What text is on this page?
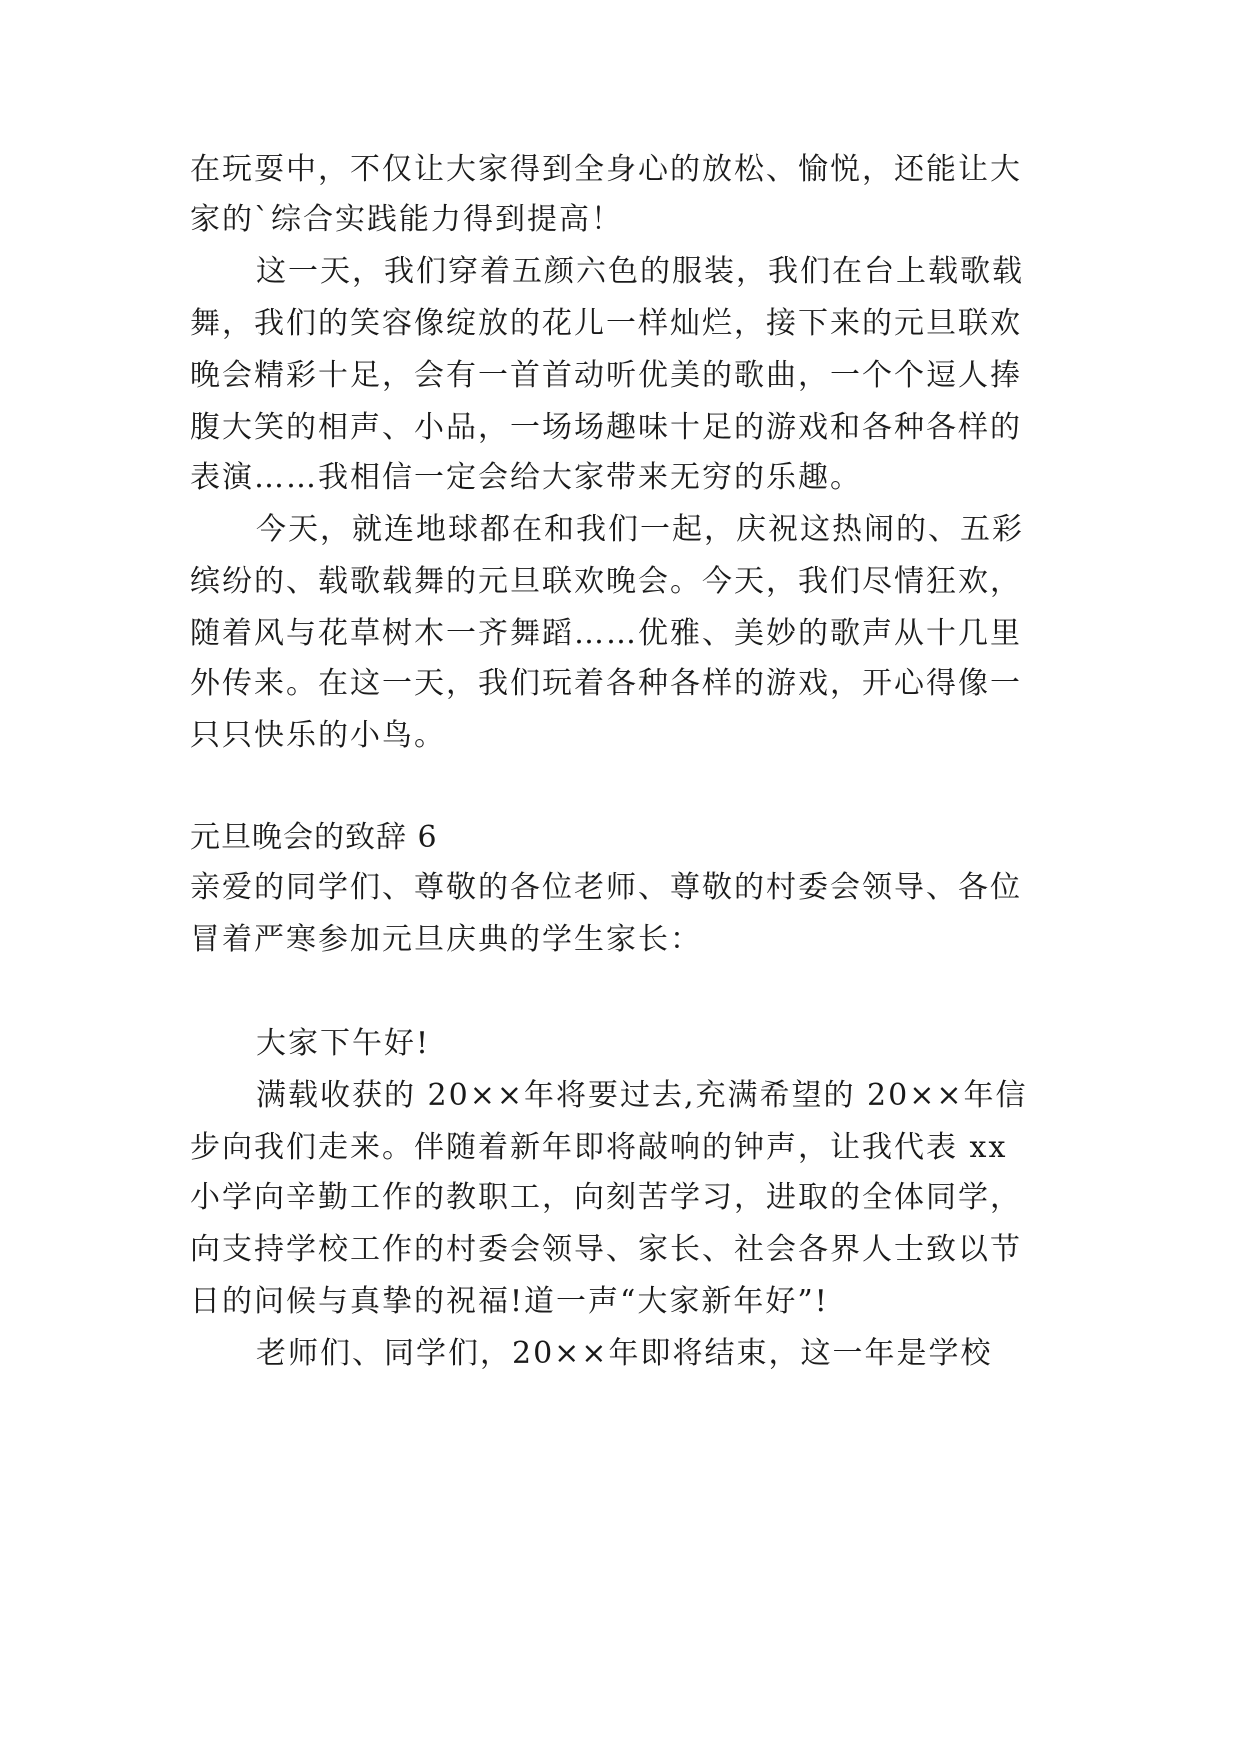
在玩耍中，不仅让大家得到全身心的放松、愉悦，还能让大
家的`综合实践能力得到提高！
这一天，我们穿着五颜六色的服装，我们在台上载歌载
舞，我们的笑容像绽放的花儿一样灿烂，接下来的元旦联欢
晚会精彩十足，会有一首首动听优美的歌曲，一个个逗人捧
腹大笑的相声、小品，一场场趣味十足的游戏和各种各样的
表演……我相信一定会给大家带来无穷的乐趣。
今天，就连地球都在和我们一起，庆祝这热闹的、五彩
缤纷的、载歌载舞的元旦联欢晚会。今天，我们尽情狂欢，
随着风与花草树木一齐舞蹈……优雅、美妙的歌声从十几里
外传来。在这一天，我们玩着各种各样的游戏，开心得像一
只只快乐的小鸟。
元旦晚会的致辞 6
亲爱的同学们、尊敬的各位老师、尊敬的村委会领导、各位
冒着严寒参加元旦庆典的学生家长：
大家下午好!
满载收获的 20××年将要过去,充满希望的 20××年信
步向我们走来。伴随着新年即将敲响的钟声，让我代表 xx
小学向辛勤工作的教职工，向刻苦学习，进取的全体同学，
向支持学校工作的村委会领导、家长、社会各界人士致以节
日的问候与真挚的祝福!道一声“大家新年好”!
老师们、同学们，20××年即将结束，这一年是学校
